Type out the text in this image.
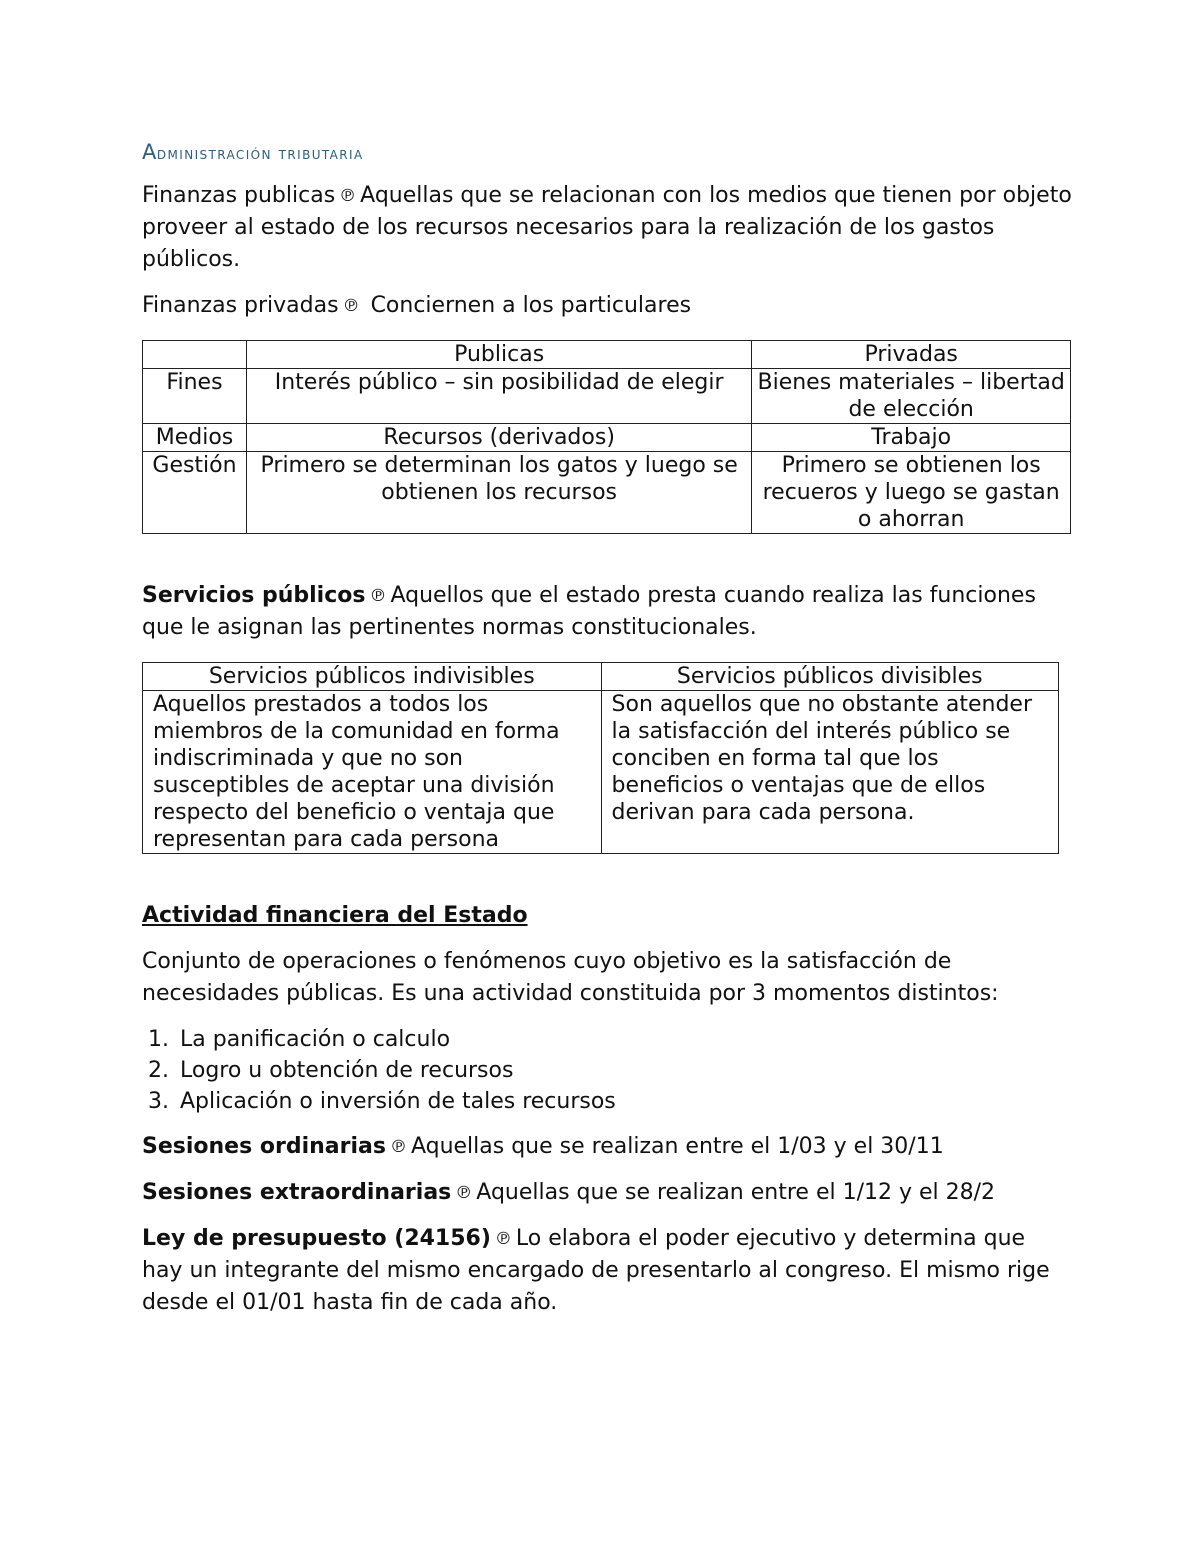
Administración tributaria

Finanzas publicas ℗ Aquellas que se relacionan con los medios que tienen por objeto proveer al estado de los recursos necesarios para la realización de los gastos públicos.

Finanzas privadas ℗ Conciernen a los particulares

	Publicas	Privadas
Fines	Interés público – sin posibilidad de elegir	Bienes materiales – libertad de elección
Medios	Recursos (derivados)	Trabajo
Gestión	Primero se determinan los gatos y luego se obtienen los recursos	Primero se obtienen los recueros y luego se gastan o ahorran

Servicios públicos ℗ Aquellos que el estado presta cuando realiza las funciones que le asignan las pertinentes normas constitucionales.

Servicios públicos indivisibles	Servicios públicos divisibles
Aquellos prestados a todos los miembros de la comunidad en forma indiscriminada y que no son susceptibles de aceptar una división respecto del beneficio o ventaja que representan para cada persona	Son aquellos que no obstante atender la satisfacción del interés público se conciben en forma tal que los beneficios o ventajas que de ellos derivan para cada persona.

Actividad financiera del Estado

Conjunto de operaciones o fenómenos cuyo objetivo es la satisfacción de necesidades públicas. Es una actividad constituida por 3 momentos distintos:

1. La panificación o calculo
2. Logro u obtención de recursos
3. Aplicación o inversión de tales recursos

Sesiones ordinarias ℗ Aquellas que se realizan entre el 1/03 y el 30/11

Sesiones extraordinarias ℗ Aquellas que se realizan entre el 1/12 y el 28/2

Ley de presupuesto (24156) ℗ Lo elabora el poder ejecutivo y determina que hay un integrante del mismo encargado de presentarlo al congreso. El mismo rige desde el 01/01 hasta fin de cada año.
